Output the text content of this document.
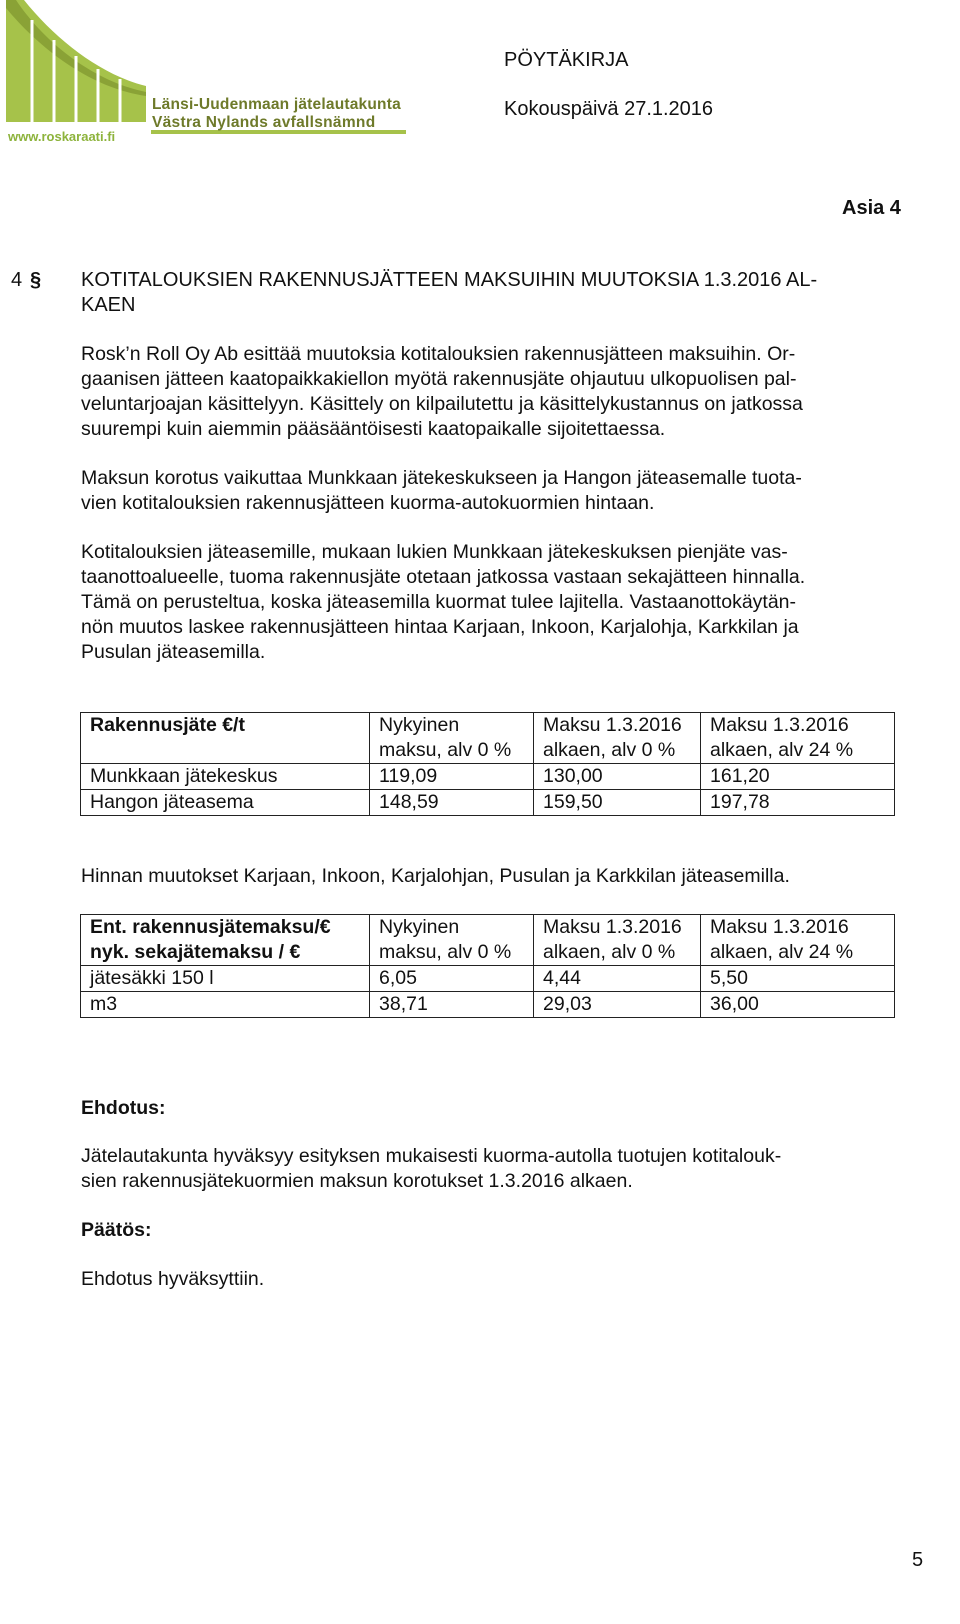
Länsi-Uudenmaan jätelautakunta
Västra Nylands avfallsnämnd
www.roskaraati.fi
PÖYTÄKIRJA
Kokouspäivä 27.1.2016
Asia 4
4 § KOTITALOUKSIEN RAKENNUSJÄTTEEN MAKSUIHIN MUUTOKSIA 1.3.2016 AL-
KAEN
Rosk’n Roll Oy Ab esittää muutoksia kotitalouksien rakennusjätteen maksuihin. Or-
gaanisen jätteen kaatopaikkakiellon myötä rakennusjäte ohjautuu ulkopuolisen pal-
veluntarjoajan käsittelyyn. Käsittely on kilpailutettu ja käsittelykustannus on jatkossa
suurempi kuin aiemmin pääsääntöisesti kaatopaikalle sijoitettaessa.
Maksun korotus vaikuttaa Munkkaan jätekeskukseen ja Hangon jäteasemalle tuota-
vien kotitalouksien rakennusjätteen kuorma-autokuormien hintaan.
Kotitalouksien jäteasemille, mukaan lukien Munkkaan jätekeskuksen pienjäte vas-
taanottoalueelle, tuoma rakennusjäte otetaan jatkossa vastaan sekajätteen hinnalla.
Tämä on perusteltua, koska jäteasemilla kuormat tulee lajitella. Vastaanottokäytän-
nön muutos laskee rakennusjätteen hintaa Karjaan, Inkoon, Karjalohja, Karkkilan ja
Pusulan jäteasemilla.
Rakennusjäte €/t	Nykyinen maksu, alv 0 %	Maksu 1.3.2016 alkaen, alv 0 %	Maksu 1.3.2016 alkaen, alv 24 %
Munkkaan jätekeskus	119,09	130,00	161,20
Hangon jäteasema	148,59	159,50	197,78
Hinnan muutokset Karjaan, Inkoon, Karjalohjan, Pusulan ja Karkkilan jäteasemilla.
Ent. rakennusjätemaksu/€ nyk. sekajätemaksu / €	Nykyinen maksu, alv 0 %	Maksu 1.3.2016 alkaen, alv 0 %	Maksu 1.3.2016 alkaen, alv 24 %
jätesäkki 150 l	6,05	4,44	5,50
m3	38,71	29,03	36,00
Ehdotus:
Jätelautakunta hyväksyy esityksen mukaisesti kuorma-autolla tuotujen kotitalouk-
sien rakennusjätekuormien maksun korotukset 1.3.2016 alkaen.
Päätös:
Ehdotus hyväksyttiin.
5
